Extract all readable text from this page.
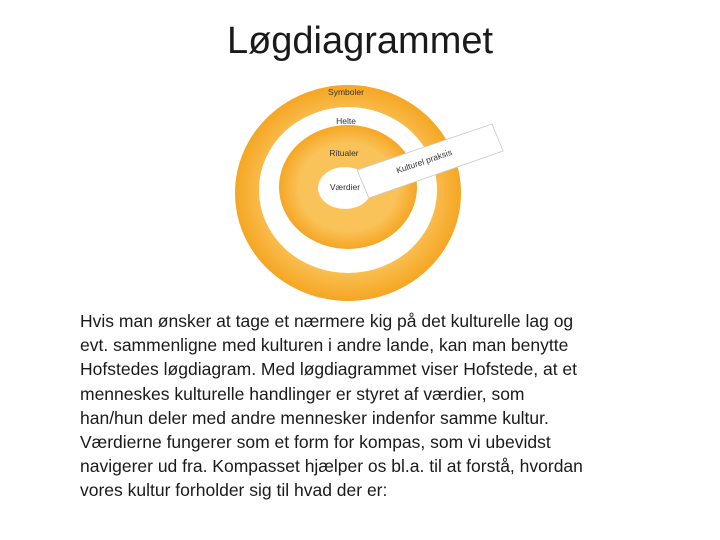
Løgdiagrammet
Symboler
Helte
Ritualer
Værdier
Kulturel praksis
Hvis man ønsker at tage et nærmere kig på det kulturelle lag og
evt. sammenligne med kulturen i andre lande, kan man benytte
Hofstedes løgdiagram. Med løgdiagrammet viser Hofstede, at et
menneskes kulturelle handlinger er styret af værdier, som
han/hun deler med andre mennesker indenfor samme kultur.
Værdierne fungerer som et form for kompas, som vi ubevidst
navigerer ud fra. Kompasset hjælper os bl.a. til at forstå, hvordan
vores kultur forholder sig til hvad der er:
